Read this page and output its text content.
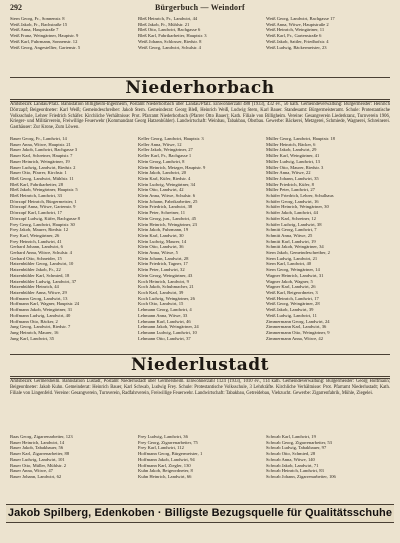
292	Bürgerbuch — Weindorf
Stern Georg, Fr., Sonnenstr. 8
Weiß Jakob, Fr., Bachstraße 15
Weiß Anna, Hauptstraße 7
Weiß Franz, Weingärtner, Hauptstr. 9
Weiß Karl, Fuhrmann, Sonnenstr. 12
Weiß Georg, Angestellter, Gartenstr. 5
Bleß Heinrich, Fr., Landwirt, 44
Bleß Jakob, Fr., Mühlstr. 21
Bleß Otto, Landwirt, Bachgasse 6
Bleß Karl, Fabrikarbeiter, Hauptstr. 3
Weiß Johann, Schlosser, Riedstr. 8
Weiß Georg, Landwirt, Schulstr. 4
Weiß Georg, Landwirt, Bachgasse 17
Weiß Anna, Witwe, Hauptstraße 2
Weiß Heinrich, Weingärtner, 11
Weiß Karl, Fr., Gartenstraße 6
Weiß Jakob, Sattler, Friedhofstr. 4
Weiß Ludwig, Bäckermeister, 23
Niederhorbach
Amtsbezirk Landau/Pfalz. Bahnstation Billigheim-Ingenheim, Postamt Niederhorbach über Landau/Pfalz. Einwohnerzahl 488 (1933), 432 ev., 56 kath. Gemeindeverwaltung: Bürgermeister: Heinrich Dörrzapf; Beigeordneter: Karl Weiß; Gemeindeschreiber: Jakob Stern. Gemeinderat: Georg Bleß, Heinrich Weiß, Ludwig Stern, Karl Bauer. Standesamt: Bürgermeisteramt. Schule: Protestantische Volksschule, Lehrer Friedrich Schäfer. Kirchliche Verhältnisse: Prot. Pfarramt Niederhorbach (Pfarrer Otto Bauer); Kath. Filiale von Billigheim. Vereine: Gesangverein Liederkranz, Turnverein 1906, Krieger- und Militärverein, Freiwillige Feuerwehr (Kommandant Georg Hatzenbühler). Landwirtschaft: Weinbau, Tabakbau, Obstbau. Gewerbe: Bäckerei, Metzgerei, Schmiede, Wagnerei, Schreinerei. Gasthäuser: Zur Krone, Zum Löwen.
Bauer Georg, Fr., Landwirt, 14
Bauer Anna, Witwe, Hauptstr. 21
Bauer Jakob, Landwirt, Bachgasse 3
Bauer Karl, Schreiner, Hauptstr. 7
Bauer Heinrich, Weingärtner, 19
Bauer Ludwig, Landwirt, Riedstr. 2
Bauer Otto, Pfarrer, Kirchstr. 1
Bleß Georg, Landwirt, Mühlstr. 11
Bleß Karl, Fabrikarbeiter, 28
Bleß Jakob, Weingärtner, Hauptstr. 5
Bleß Heinrich, Landwirt, 33
Dörrzapf Heinrich, Bürgermeister, 1
Dörrzapf Anna, Witwe, Gartenstr. 9
Dörrzapf Karl, Landwirt, 17
Dörrzapf Ludwig, Küfer, Bachgasse 8
Frey Georg, Landwirt, Hauptstr. 30
Frey Jakob, Maurer, Riedstr. 12
Frey Karl, Weingärtner, 26
Frey Heinrich, Landwirt, 41
Gerhard Johann, Landwirt, 6
Gerhard Anna, Witwe, Schulstr. 4
Gerhard Otto, Schneider, 15
Hatzenbühler Georg, Landwirt, 10
Hatzenbühler Jakob, Fr., 22
Hatzenbühler Karl, Schmied, 18
Hatzenbühler Ludwig, Landwirt, 37
Hatzenbühler Heinrich, 44
Hatzenbühler Anna, Witwe, 29
Hoffmann Georg, Landwirt, 13
Hoffmann Karl, Wagner, Hauptstr. 24
Hoffmann Jakob, Weingärtner, 31
Hoffmann Ludwig, Landwirt, 40
Hoffmann Otto, Bäcker, 2
Jung Georg, Landwirt, Riedstr. 7
Jung Heinrich, Maurer, 16
Jung Karl, Landwirt, 35
Keller Georg, Landwirt, Hauptstr. 3
Keller Anna, Witwe, 12
Keller Jakob, Weingärtner, 27
Keller Karl, Fr., Bachgasse 1
Klein Georg, Landwirt, 8
Klein Heinrich, Metzger, Hauptstr. 9
Klein Jakob, Landwirt, 20
Klein Karl, Küfer, Riedstr. 4
Klein Ludwig, Weingärtner, 34
Klein Otto, Landwirt, 42
Klein Anna, Witwe, Schulstr. 6
Klein Johann, Fabrikarbeiter, 25
Klein Friedrich, Landwirt, 38
Klein Peter, Schreiner, 11
Klein Georg, jun., Landwirt, 45
Klein Heinrich, Weingärtner, 23
Klein Jakob, Fuhrmann, 19
Klein Karl, Landwirt, 30
Klein Ludwig, Maurer, 14
Klein Otto, Landwirt, 36
Klein Anna, Witwe, 5
Klein Johann, Landwirt, 28
Klein Friedrich, Tagner, 17
Klein Peter, Landwirt, 32
Klein Georg, Weingärtner, 43
Koch Heinrich, Landwirt, 9
Koch Jakob, Schuhmacher, 21
Koch Karl, Landwirt, 39
Koch Ludwig, Weingärtner, 26
Koch Otto, Landwirt, 15
Lehmann Georg, Landwirt, 4
Lehmann Anna, Witwe, 33
Lehmann Karl, Landwirt, 46
Lehmann Jakob, Weingärtner, 24
Lehmann Ludwig, Landwirt, 10
Lehmann Otto, Landwirt, 37
Müller Georg, Landwirt, Hauptstr. 18
Müller Heinrich, Bäcker, 6
Müller Jakob, Landwirt, 29
Müller Karl, Weingärtner, 41
Müller Ludwig, Landwirt, 13
Müller Otto, Maurer, Riedstr. 3
Müller Anna, Witwe, 22
Müller Johann, Landwirt, 35
Müller Friedrich, Küfer, 8
Müller Peter, Landwirt, 27
Schäfer Friedrich, Lehrer, Schulhaus
Schäfer Georg, Landwirt, 16
Schäfer Heinrich, Weingärtner, 30
Schäfer Jakob, Landwirt, 44
Schäfer Karl, Schreiner, 12
Schäfer Ludwig, Landwirt, 38
Schmitt Georg, Landwirt, 7
Schmitt Anna, Witwe, 25
Schmitt Karl, Landwirt, 19
Schmitt Jakob, Weingärtner, 34
Stern Jakob, Gemeindeschreiber, 2
Stern Ludwig, Landwirt, 21
Stern Karl, Landwirt, 40
Stern Georg, Weingärtner, 14
Wagner Heinrich, Landwirt, 31
Wagner Jakob, Wagner, 5
Wagner Karl, Landwirt, 26
Weiß Karl, Beigeordneter, 3
Weiß Heinrich, Landwirt, 17
Weiß Georg, Weingärtner, 28
Weiß Jakob, Landwirt, 39
Weiß Ludwig, Landwirt, 11
Zimmermann Georg, Landwirt, 24
Zimmermann Karl, Landwirt, 36
Zimmermann Otto, Weingärtner, 9
Zimmermann Anna, Witwe, 42
Niederlustadt
Amtsbezirk Germersheim. Bahnstation Lustadt, Postamt Niederlustadt über Germersheim. Einwohnerzahl 1124 (1933), 1010 ev., 114 kath. Gemeindeverwaltung: Bürgermeister: Georg Hoffmann; Beigeordneter: Jakob Kuhn. Gemeinderat: Heinrich Bauer, Karl Schwab, Ludwig Frey. Schule: Protestantische Volksschule, 3 Lehrkräfte. Kirchliche Verhältnisse: Prot. Pfarramt Niederlustadt; Kath. Filiale von Lingenfeld. Vereine: Gesangverein, Turnverein, Radfahrverein, Freiwillige Feuerwehr. Landwirtschaft: Tabakbau, Getreidebau, Viehzucht. Gewerbe: Zigarrenfabrik, Mühle, Ziegelei.
Baas Georg, Zigarrenarbeiter, 123
Bauer Heinrich, Landwirt, 14
Bauer Jakob, Tabakbauer, 56
Bauer Karl, Zigarrenarbeiter, 88
Bauer Ludwig, Landwirt, 101
Bauer Otto, Müller, Mühlstr. 2
Bauer Anna, Witwe, 47
Bauer Johann, Landwirt, 62
Frey Ludwig, Landwirt, 36
Frey Georg, Zigarrenarbeiter, 75
Frey Karl, Landwirt, 112
Hoffmann Georg, Bürgermeister, 1
Hoffmann Jakob, Landwirt, 94
Hoffmann Karl, Ziegler, 130
Kuhn Jakob, Beigeordneter, 8
Kuhn Heinrich, Landwirt, 66
Schwab Karl, Landwirt, 19
Schwab Georg, Zigarrenarbeiter, 53
Schwab Ludwig, Tabakbauer, 97
Schwab Otto, Schmied, 28
Schwab Anna, Witwe, 140
Schwab Jakob, Landwirt, 71
Schwab Heinrich, Landwirt, 83
Schwab Johann, Zigarrenarbeiter, 106
Jakob Spilberg, Edenkoben · Billigste Bezugsquelle für Qualitätsschuhe
